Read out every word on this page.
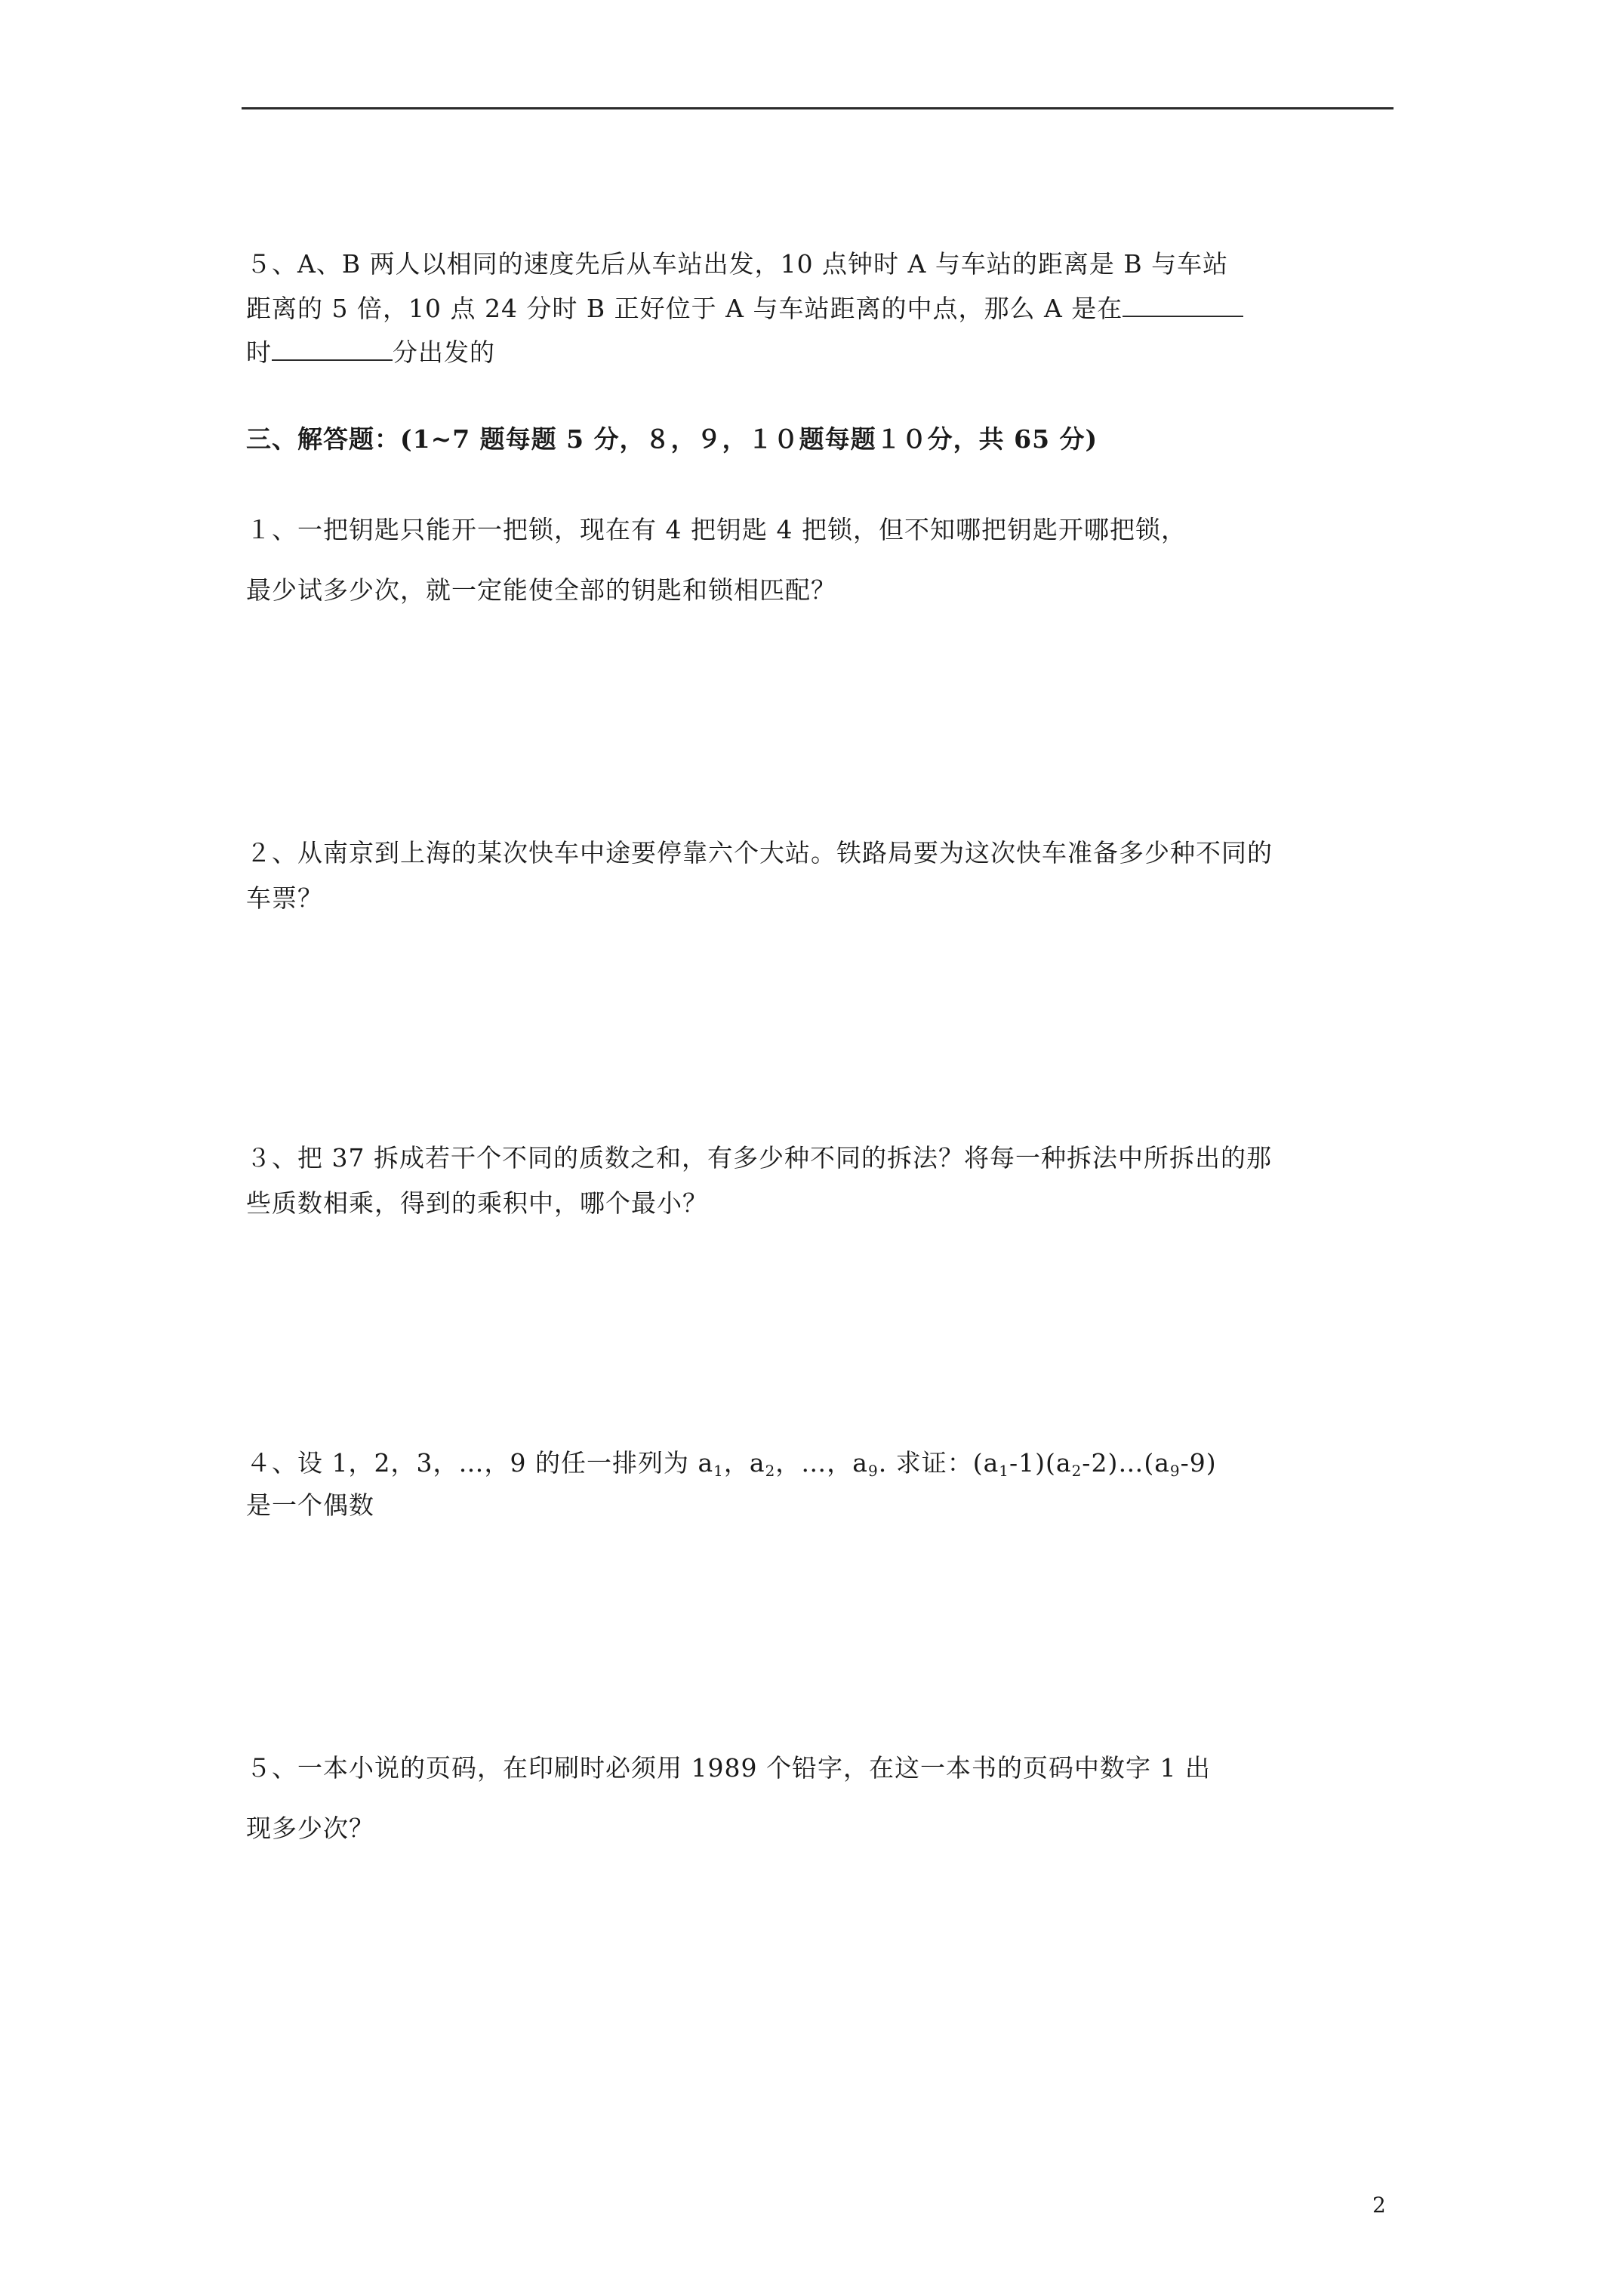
５、A、B 两人以相同的速度先后从车站出发，10 点钟时 A 与车站的距离是 B 与车站
距离的 5 倍，10 点 24 分时 B 正好位于 A 与车站距离的中点，那么 A 是在
时	分出发的
三、解答题：(1~7 题每题 5 分，８，９，１０题每题１０分，共 65 分)
１、一把钥匙只能开一把锁，现在有 4 把钥匙 4 把锁，但不知哪把钥匙开哪把锁，
最少试多少次，就一定能使全部的钥匙和锁相匹配？
２、从南京到上海的某次快车中途要停靠六个大站。铁路局要为这次快车准备多少种不同的
车票？
３、把 37 拆成若干个不同的质数之和，有多少种不同的拆法？将每一种拆法中所拆出的那
些质数相乘，得到的乘积中，哪个最小？
４、设 1，2，3，…，9 的任一排列为 $a_1$，$a_2$，…，$a_9$. 求证：$(a_1-1)(a_2-2)\dots(a_9-9)$
是一个偶数
５、一本小说的页码，在印刷时必须用 1989 个铅字，在这一本书的页码中数字 1 出
现多少次？
2
